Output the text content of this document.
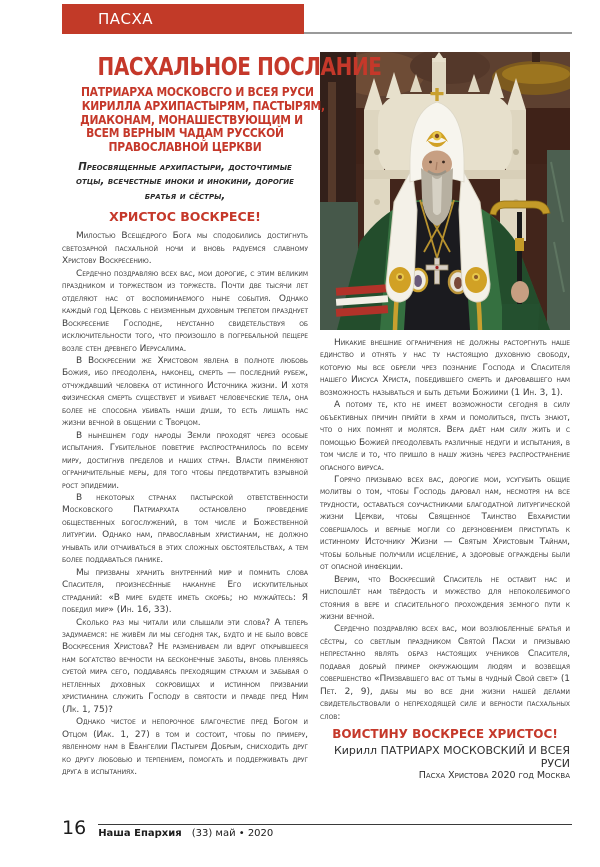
ПАСХА
ПАСХАЛЬНОЕ ПОСЛАНИЕ
ПАТРИАРХА МОСКОВСГО И ВСЕЯ РУСИ
КИРИЛЛА АРХИПАСТЫРЯМ, ПАСТЫРЯМ,
ДИАКОНАМ, МОНАШЕСТВУЮЩИМ И
ВСЕМ ВЕРНЫМ ЧАДАМ РУССКОЙ
ПРАВОСЛАВНОЙ ЦЕРКВИ
Преосвященные архипастыри, досточтимые отцы, всечестные иноки и инокини, дорогие братья и сёстры,
ХРИСТОС ВОСКРЕСЕ!

Милостью Всещедрого Бога мы сподобились достигнуть светозарной пасхальной ночи и вновь радуемся славному Христову Воскресению.

Сердечно поздравляю всех вас, мои дорогие, с этим великим праздником и торжеством из торжеств. Почти две тысячи лет отделяют нас от воспоминаемого ныне события. Однако каждый год Церковь с неизменным духовным трепетом празднует Воскресение Господне, неустанно свидетельствуя об исключительности того, что произошло в погребальной пещере возле стен древнего Иерусалима.

В Воскресении же Христовом явлена в полноте любовь Божия, ибо преодолена, наконец, смерть — последний рубеж, отчуждавший человека от истинного Источника жизни. И хотя физическая смерть существует и убивает человеческие тела, она более не способна убивать наши души, то есть лишать нас жизни вечной в общении с Творцом.

В нынешнем году народы Земли проходят через особые испытания. Губительное поветрие распространилось по всему миру, достигнув пределов и наших стран. Власти применяют ограничительные меры, для того чтобы предотвратить взрывной рост эпидемии.

В некоторых странах пастырской ответственности Московского Патриархата остановлено проведение общественных богослужений, в том числе и Божественной литургии. Однако нам, православным христианам, не должно унывать или отчаиваться в этих сложных обстоятельствах, а тем более поддаваться панике.

Мы призваны хранить внутренний мир и помнить слова Спасителя, произнесённые накануне Его искупительных страданий: «В мире будете иметь скорбь; но мужайтесь: Я победил мир» (Ин. 16, 33).

Сколько раз мы читали или слышали эти слова? А теперь задумаемся: не живём ли мы сегодня так, будто и не было вовсе Воскресения Христова? Не размениваем ли вдруг открывшееся нам богатство вечности на бесконечные заботы, вновь пленяясь суетой мира сего, поддаваясь преходящим страхам и забывая о нетленных духовных сокровищах и истинном призвании христианина служить Господу в святости и правде пред Ним (Лк. 1, 75)?

Однако чистое и непорочное благочестие пред Богом и Отцом (Иак. 1, 27) в том и состоит, чтобы по примеру, явленному нам в Евангелии Пастырем Добрым, снисходить друг ко другу любовью и терпением, помогать и поддерживать друг друга в испытаниях.

Никакие внешние ограничения не должны расторгнуть наше единство и отнять у нас ту настоящую духовную свободу, которую мы все обрели чрез познание Господа и Спасителя нашего Иисуса Христа, победившего смерть и даровавшего нам возможность называться и быть детьми Божиими (1 Ин. 3, 1).

А потому те, кто не имеет возможности сегодня в силу объективных причин прийти в храм и помолиться, пусть знают, что о них помнят и молятся. Вера даёт нам силу жить и с помощью Божией преодолевать различные недуги и испытания, в том числе и то, что пришло в нашу жизнь через распространение опасного вируса.

Горячо призываю всех вас, дорогие мои, усугубить общие молитвы о том, чтобы Господь даровал нам, несмотря на все трудности, оставаться соучастниками благодатной литургической жизни Церкви, чтобы Священное Таинство Евхаристии совершалось и верные могли со дерзновением приступать к истинному Источнику Жизни — Святым Христовым Тайнам, чтобы больные получили исцеление, а здоровые ограждены были от опасной инфекции.

Верим, что Воскресший Спаситель не оставит нас и ниспошлёт нам твёрдость и мужество для непоколебимого стояния в вере и спасительного прохождения земного пути к жизни вечной.

Сердечно поздравляю всех вас, мои возлюбленные братья и сёстры, со светлым праздником Святой Пасхи и призываю непрестанно являть образ настоящих учеников Спасителя, подавая добрый пример окружающим людям и возвещая совершенство «Призвавшего вас от тьмы в чудный Свой свет» (1 Пет. 2, 9), дабы мы во все дни жизни нашей делами свидетельствовали о непреходящей силе и верности пасхальных слов:

ВОИСТИНУ ВОСКРЕСЕ ХРИСТОС!
Кирилл ПАТРИАРХ МОСКОВСКИЙ И ВСЕЯ РУСИ
Пасха Христова 2020 год Москва
16 Наша Епархия (33) май • 2020
